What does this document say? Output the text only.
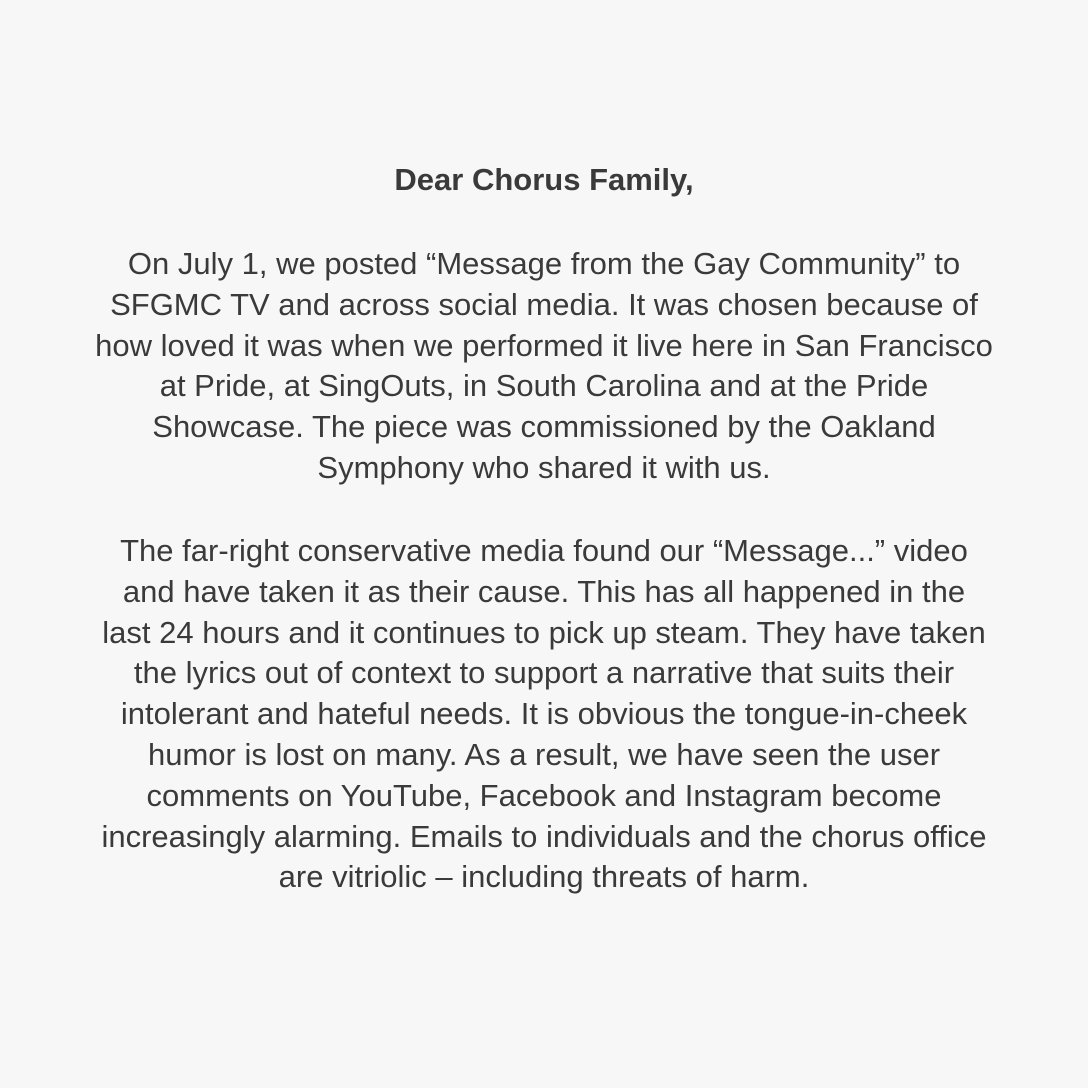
Dear Chorus Family,

On July 1, we posted “Message from the Gay Community” to
SFGMC TV and across social media. It was chosen because of
how loved it was when we performed it live here in San Francisco
at Pride, at SingOuts, in South Carolina and at the Pride
Showcase. The piece was commissioned by the Oakland
Symphony who shared it with us.

The far-right conservative media found our “Message...” video
and have taken it as their cause. This has all happened in the
last 24 hours and it continues to pick up steam. They have taken
the lyrics out of context to support a narrative that suits their
intolerant and hateful needs. It is obvious the tongue-in-cheek
humor is lost on many. As a result, we have seen the user
comments on YouTube, Facebook and Instagram become
increasingly alarming. Emails to individuals and the chorus office
are vitriolic – including threats of harm.
